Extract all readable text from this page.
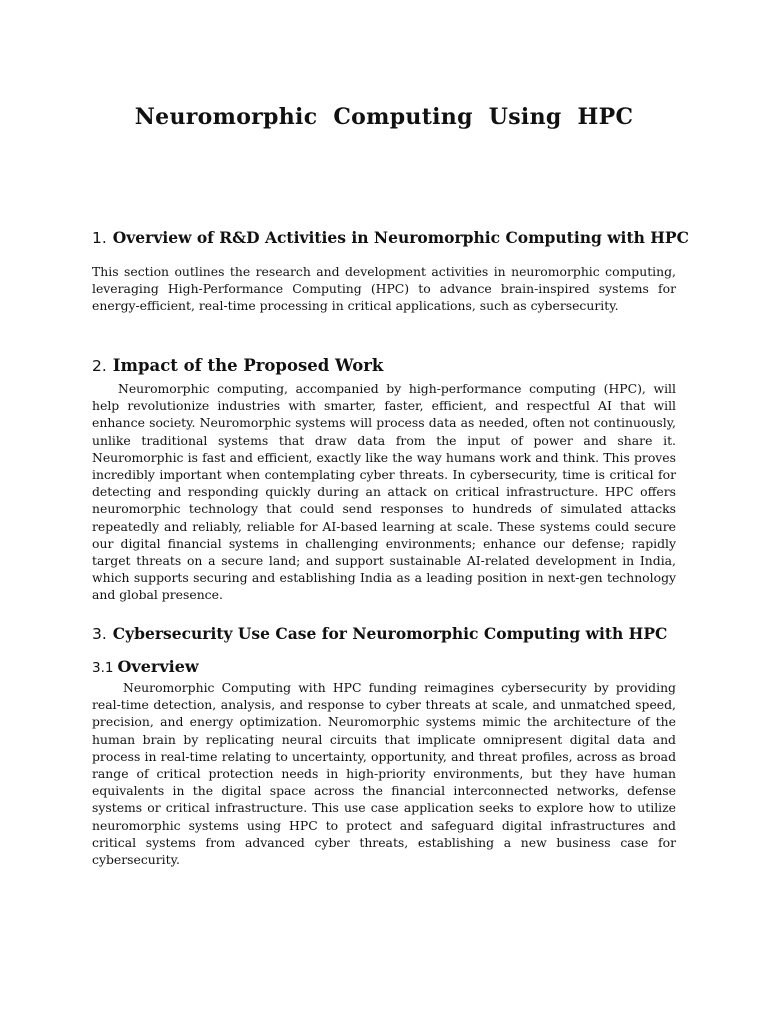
Neuromorphic Computing Using HPC
1. Overview of R&D Activities in Neuromorphic Computing with HPC

This section outlines the research and development activities in neuromorphic computing, leveraging High-Performance Computing (HPC) to advance brain-inspired systems for energy-efficient, real-time processing in critical applications, such as cybersecurity.

2. Impact of the Proposed Work

Neuromorphic computing, accompanied by high-performance computing (HPC), will help revolutionize industries with smarter, faster, efficient, and respectful AI that will enhance society. Neuromorphic systems will process data as needed, often not continuously, unlike traditional systems that draw data from the input of power and share it. Neuromorphic is fast and efficient, exactly like the way humans work and think. This proves incredibly important when contemplating cyber threats. In cybersecurity, time is critical for detecting and responding quickly during an attack on critical infrastructure. HPC offers neuromorphic technology that could send responses to hundreds of simulated attacks repeatedly and reliably, reliable for AI-based learning at scale. These systems could secure our digital financial systems in challenging environments; enhance our defense; rapidly target threats on a secure land; and support sustainable AI-related development in India, which supports securing and establishing India as a leading position in next-gen technology and global presence.

3. Cybersecurity Use Case for Neuromorphic Computing with HPC
3.1 Overview

Neuromorphic Computing with HPC funding reimagines cybersecurity by providing real-time detection, analysis, and response to cyber threats at scale, and unmatched speed, precision, and energy optimization. Neuromorphic systems mimic the architecture of the human brain by replicating neural circuits that implicate omnipresent digital data and process in real-time relating to uncertainty, opportunity, and threat profiles, across as broad range of critical protection needs in high-priority environments, but they have human equivalents in the digital space across the financial interconnected networks, defense systems or critical infrastructure. This use case application seeks to explore how to utilize neuromorphic systems using HPC to protect and safeguard digital infrastructures and critical systems from advanced cyber threats, establishing a new business case for cybersecurity.
